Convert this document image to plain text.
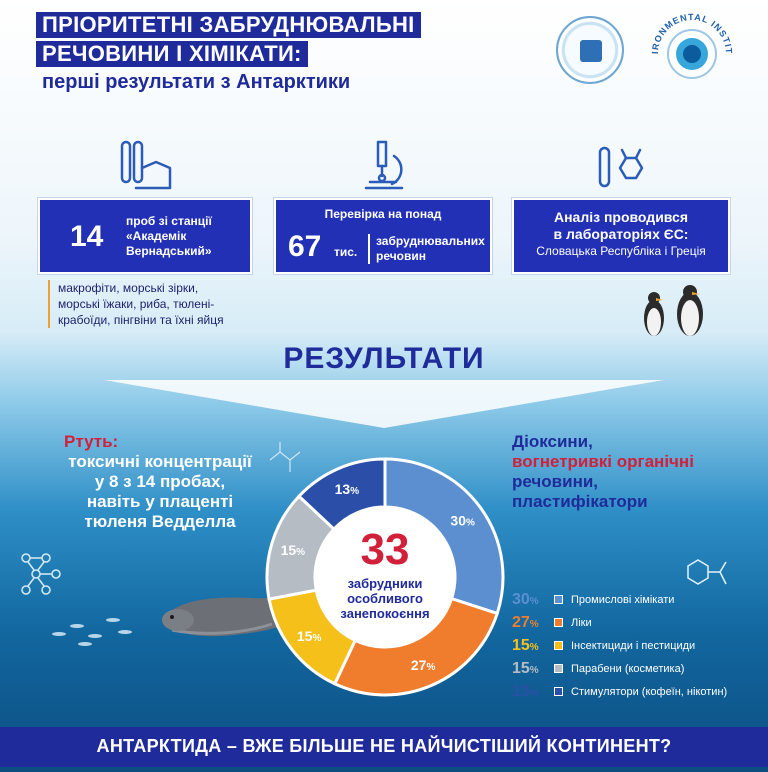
ПРІОРИТЕТНІ ЗАБРУДНЮВАЛЬНІ
РЕЧОВИНИ І ХІМІКАТИ:
перші результати з Антарктики
IRONMENTAL INSTIT
14 проб зі станції «Академік Вернадський»
макрофіти, морські зірки,
морські їжаки, риба, тюлені-
крабоїди, пінгвіни та їхні яйця
Перевірка на понад
67 тис.
забруднювальних речовин
Аналіз проводився
в лабораторіях ЄС:
Словацька Республіка і Греція
РЕЗУЛЬТАТИ
Ртуть:
токсичні концентрації
у 8 з 14 пробах,
навіть у плаценті
тюленя Ведделла
Діоксини,
вогнетривкі органічні
речовини,
пластифікатори
33
забрудники
особливого
занепокоєння
30%
27%
15%
15%
13%
30%	Промислові хімікати
27%	Ліки
15%	Інсектициди і пестициди
15%	Парабени (косметика)
13%	Стимулятори (кофеїн, нікотин)
АНТАРКТИДА – ВЖЕ БІЛЬШЕ НЕ НАЙЧИСТІШИЙ КОНТИНЕНТ?
